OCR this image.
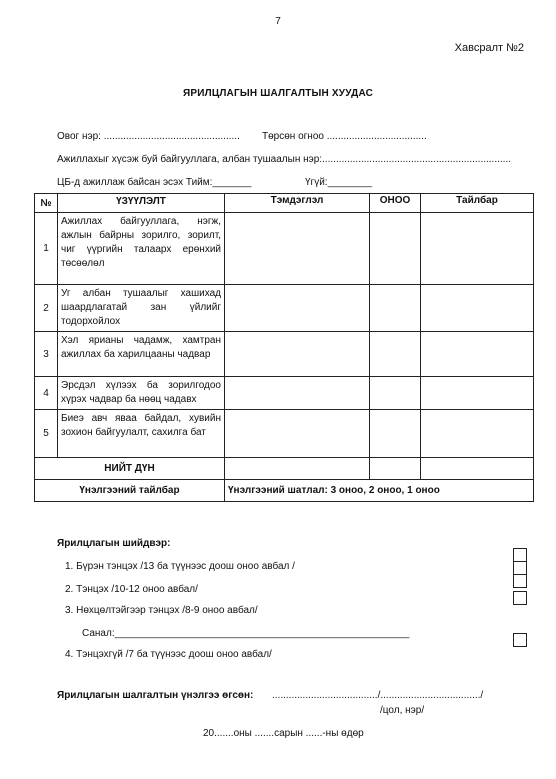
7
Хавсралт №2
ЯРИЛЦЛАГЫН ШАЛГАЛТЫН ХУУДАС
Овог нэр: ................................................. Төрсөн огноо ....................................
Ажиллахыг хүсэж буй байгууллага, албан тушаалын нэр:....................................................................
ЦБ-д ажиллаж байсан эсэх Тийм:_______	Үгүй:________
№	ҮЗҮҮЛЭЛТ	Тэмдэглэл	ОНОО	Тайлбар
1	Ажиллах байгууллага, нэгж, ажлын байрны зорилго, зорилт, чиг үүргийн талаарх ерөнхий төсөөлөл			
2	Уг албан тушаалыг хашихад шаардлагатай зан үйлийг тодорхойлох			
3	Хэл ярианы чадамж, хамтран ажиллах ба харилцааны чадвар			
4	Эрсдэл хүлээх ба зорилгодоо хүрэх чадвар ба нөөц чадавх			
5	Биеэ авч яваа байдал, хувийн зохион байгуулалт, сахилга бат			
НИЙТ ДҮН				
Үнэлгээний тайлбар		Үнэлгээний шатлал: 3 оноо, 2 оноо, 1 оноо		
Ярилцлагын шийдвэр:
1. Бүрэн тэнцэх /13 ба түүнээс доош оноо авбал /
2. Тэнцэх /10-12 оноо авбал/
3. Нөхцөлтэйгээр тэнцэх /8-9 оноо авбал/
Санал:_____________________________________________________
4. Тэнцэхгүй /7 ба түүнээс доош оноо авбал/
Ярилцлагын шалгалтын үнэлгээ өгсөн: ....................................../..................................../
/цол, нэр/
20.......оны .......сарын ......-ны өдөр
